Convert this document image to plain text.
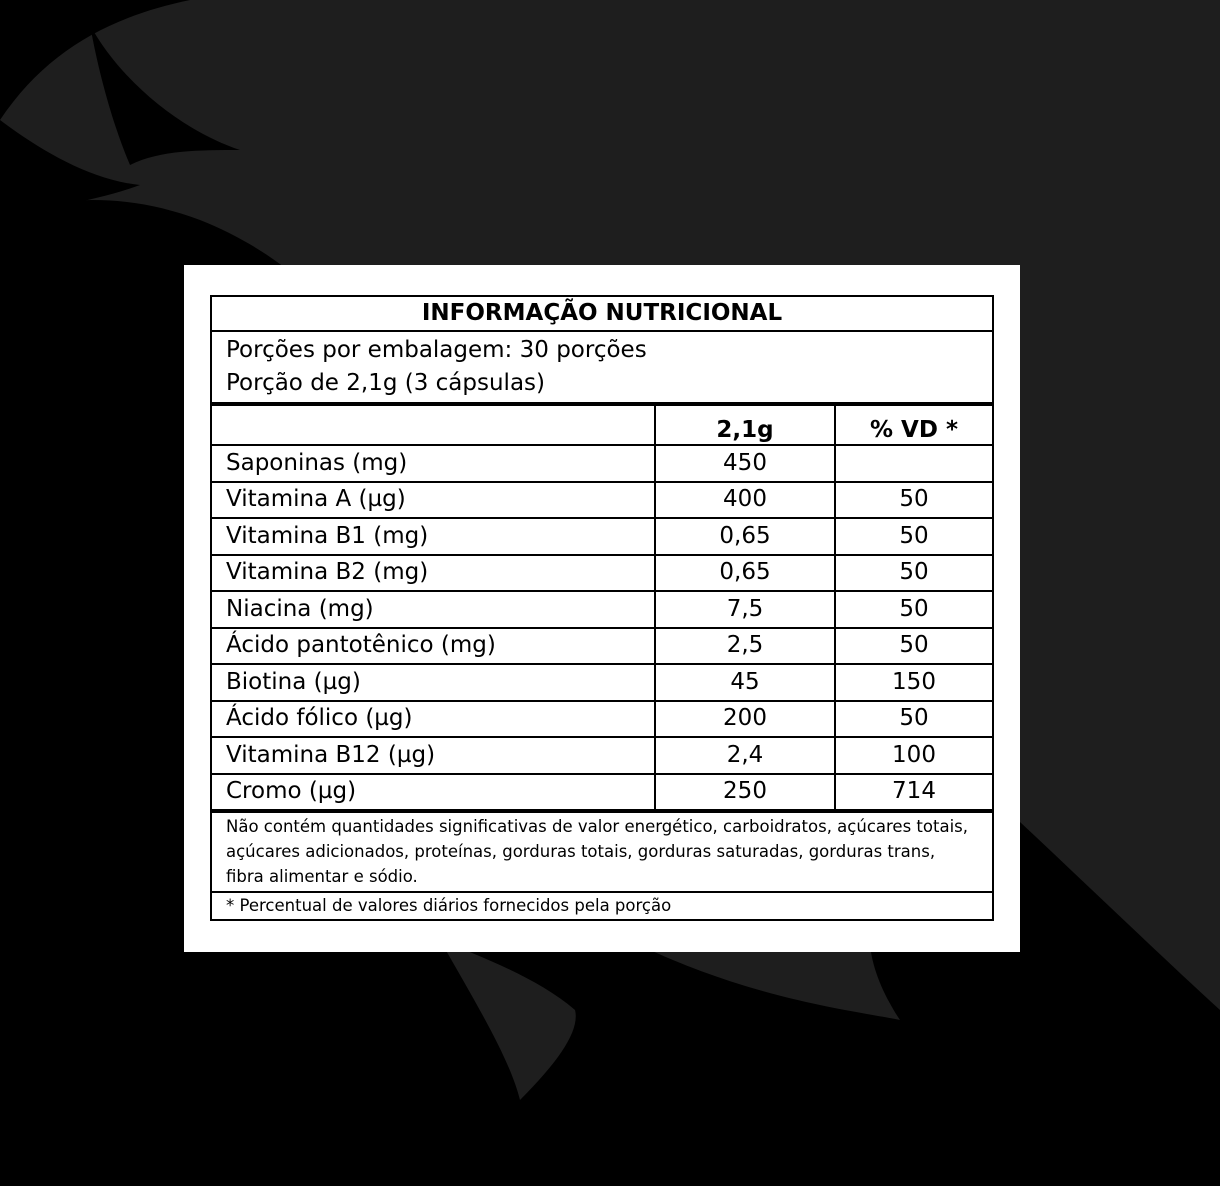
INFORMAÇÃO NUTRICIONAL		

Porções por embalagem: 30 porções
Porção de 2,1g (3 cápsulas)		

	2,1g	% VD *
Saponinas (mg)	450	
Vitamina A (µg)	400	50
Vitamina B1 (mg)	0,65	50
Vitamina B2 (mg)	0,65	50
Niacina (mg)	7,5	50
Ácido pantotênico (mg)	2,5	50
Biotina (µg)	45	150
Ácido fólico (µg)	200	50
Vitamina B12 (µg)	2,4	100
Cromo (µg)	250	714
Não contém quantidades significativas de valor energético, carboidratos, açúcares totais, açúcares adicionados, proteínas, gorduras totais, gorduras saturadas, gorduras trans, fibra alimentar e sódio.		
* Percentual de valores diários fornecidos pela porção		
